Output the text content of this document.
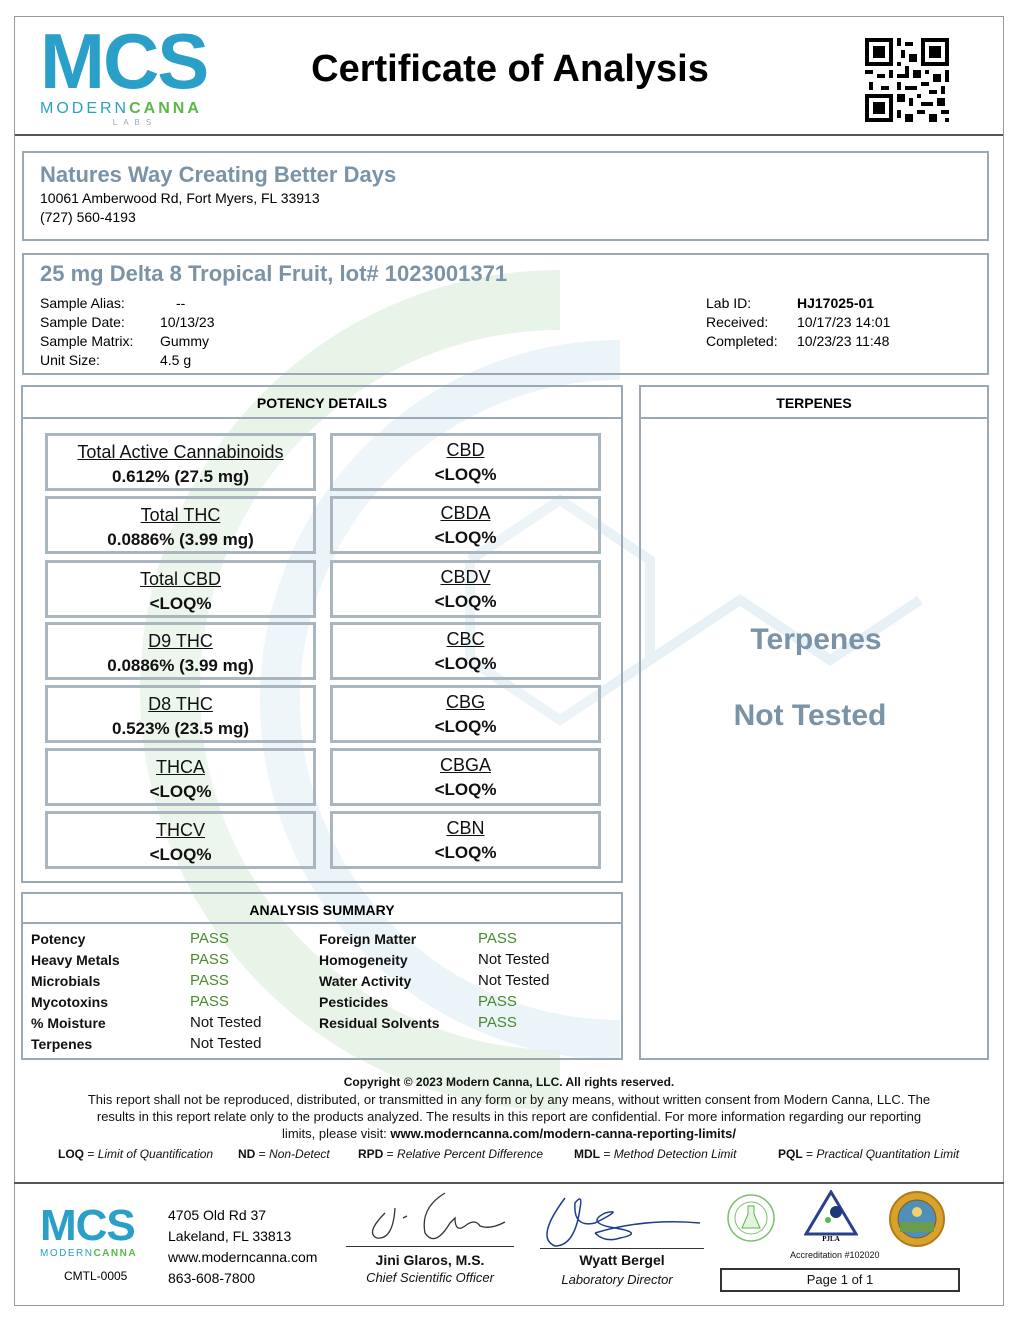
MCS
MODERNCANNA
LABS
Certificate of Analysis
Natures Way Creating Better Days
10061 Amberwood Rd, Fort Myers, FL 33913
(727) 560-4193
25 mg Delta 8 Tropical Fruit, lot# 1023001371
Sample Alias:
Sample Date:
Sample Matrix:
Unit Size:
--
10/13/23
Gummy
4.5 g
Lab ID:
Received:
Completed:
HJ17025-01
10/17/23 14:01
10/23/23 11:48
POTENCY DETAILS
Total Active Cannabinoids
0.612% (27.5 mg)
Total THC
0.0886% (3.99 mg)
Total CBD
<LOQ%
D9 THC
0.0886% (3.99 mg)
D8 THC
0.523% (23.5 mg)
THCA
<LOQ%
THCV
<LOQ%
CBD
<LOQ%
CBDA
<LOQ%
CBDV
<LOQ%
CBC
<LOQ%
CBG
<LOQ%
CBGA
<LOQ%
CBN
<LOQ%
TERPENES
Terpenes
Not Tested
ANALYSIS SUMMARY
Potency
Heavy Metals
Microbials
Mycotoxins
% Moisture
Terpenes
PASS
PASS
PASS
PASS
Not Tested
Not Tested
Foreign Matter
Homogeneity
Water Activity
Pesticides
Residual Solvents
PASS
Not Tested
Not Tested
PASS
PASS
Copyright © 2023 Modern Canna, LLC. All rights reserved.
This report shall not be reproduced, distributed, or transmitted in any form or by any means, without written consent from Modern Canna, LLC. The
results in this report relate only to the products analyzed. The results in this report are confidential. For more information regarding our reporting
limits, please visit: www.moderncanna.com/modern-canna-reporting-limits/
LOQ = Limit of Quantification ND = Non-Detect RPD = Relative Percent Difference	MDL = Method Detection Limit	PQL = Practical Quantitation Limit
MCS
MODERNCANNA
CMTL-0005
4705 Old Rd 37
Lakeland, FL 33813
www.moderncanna.com
863-608-7800
Jini Glaros, M.S.
Chief Scientific Officer
Wyatt Bergel
Laboratory Director
PJLA
Accreditation #102020
Page 1 of 1
